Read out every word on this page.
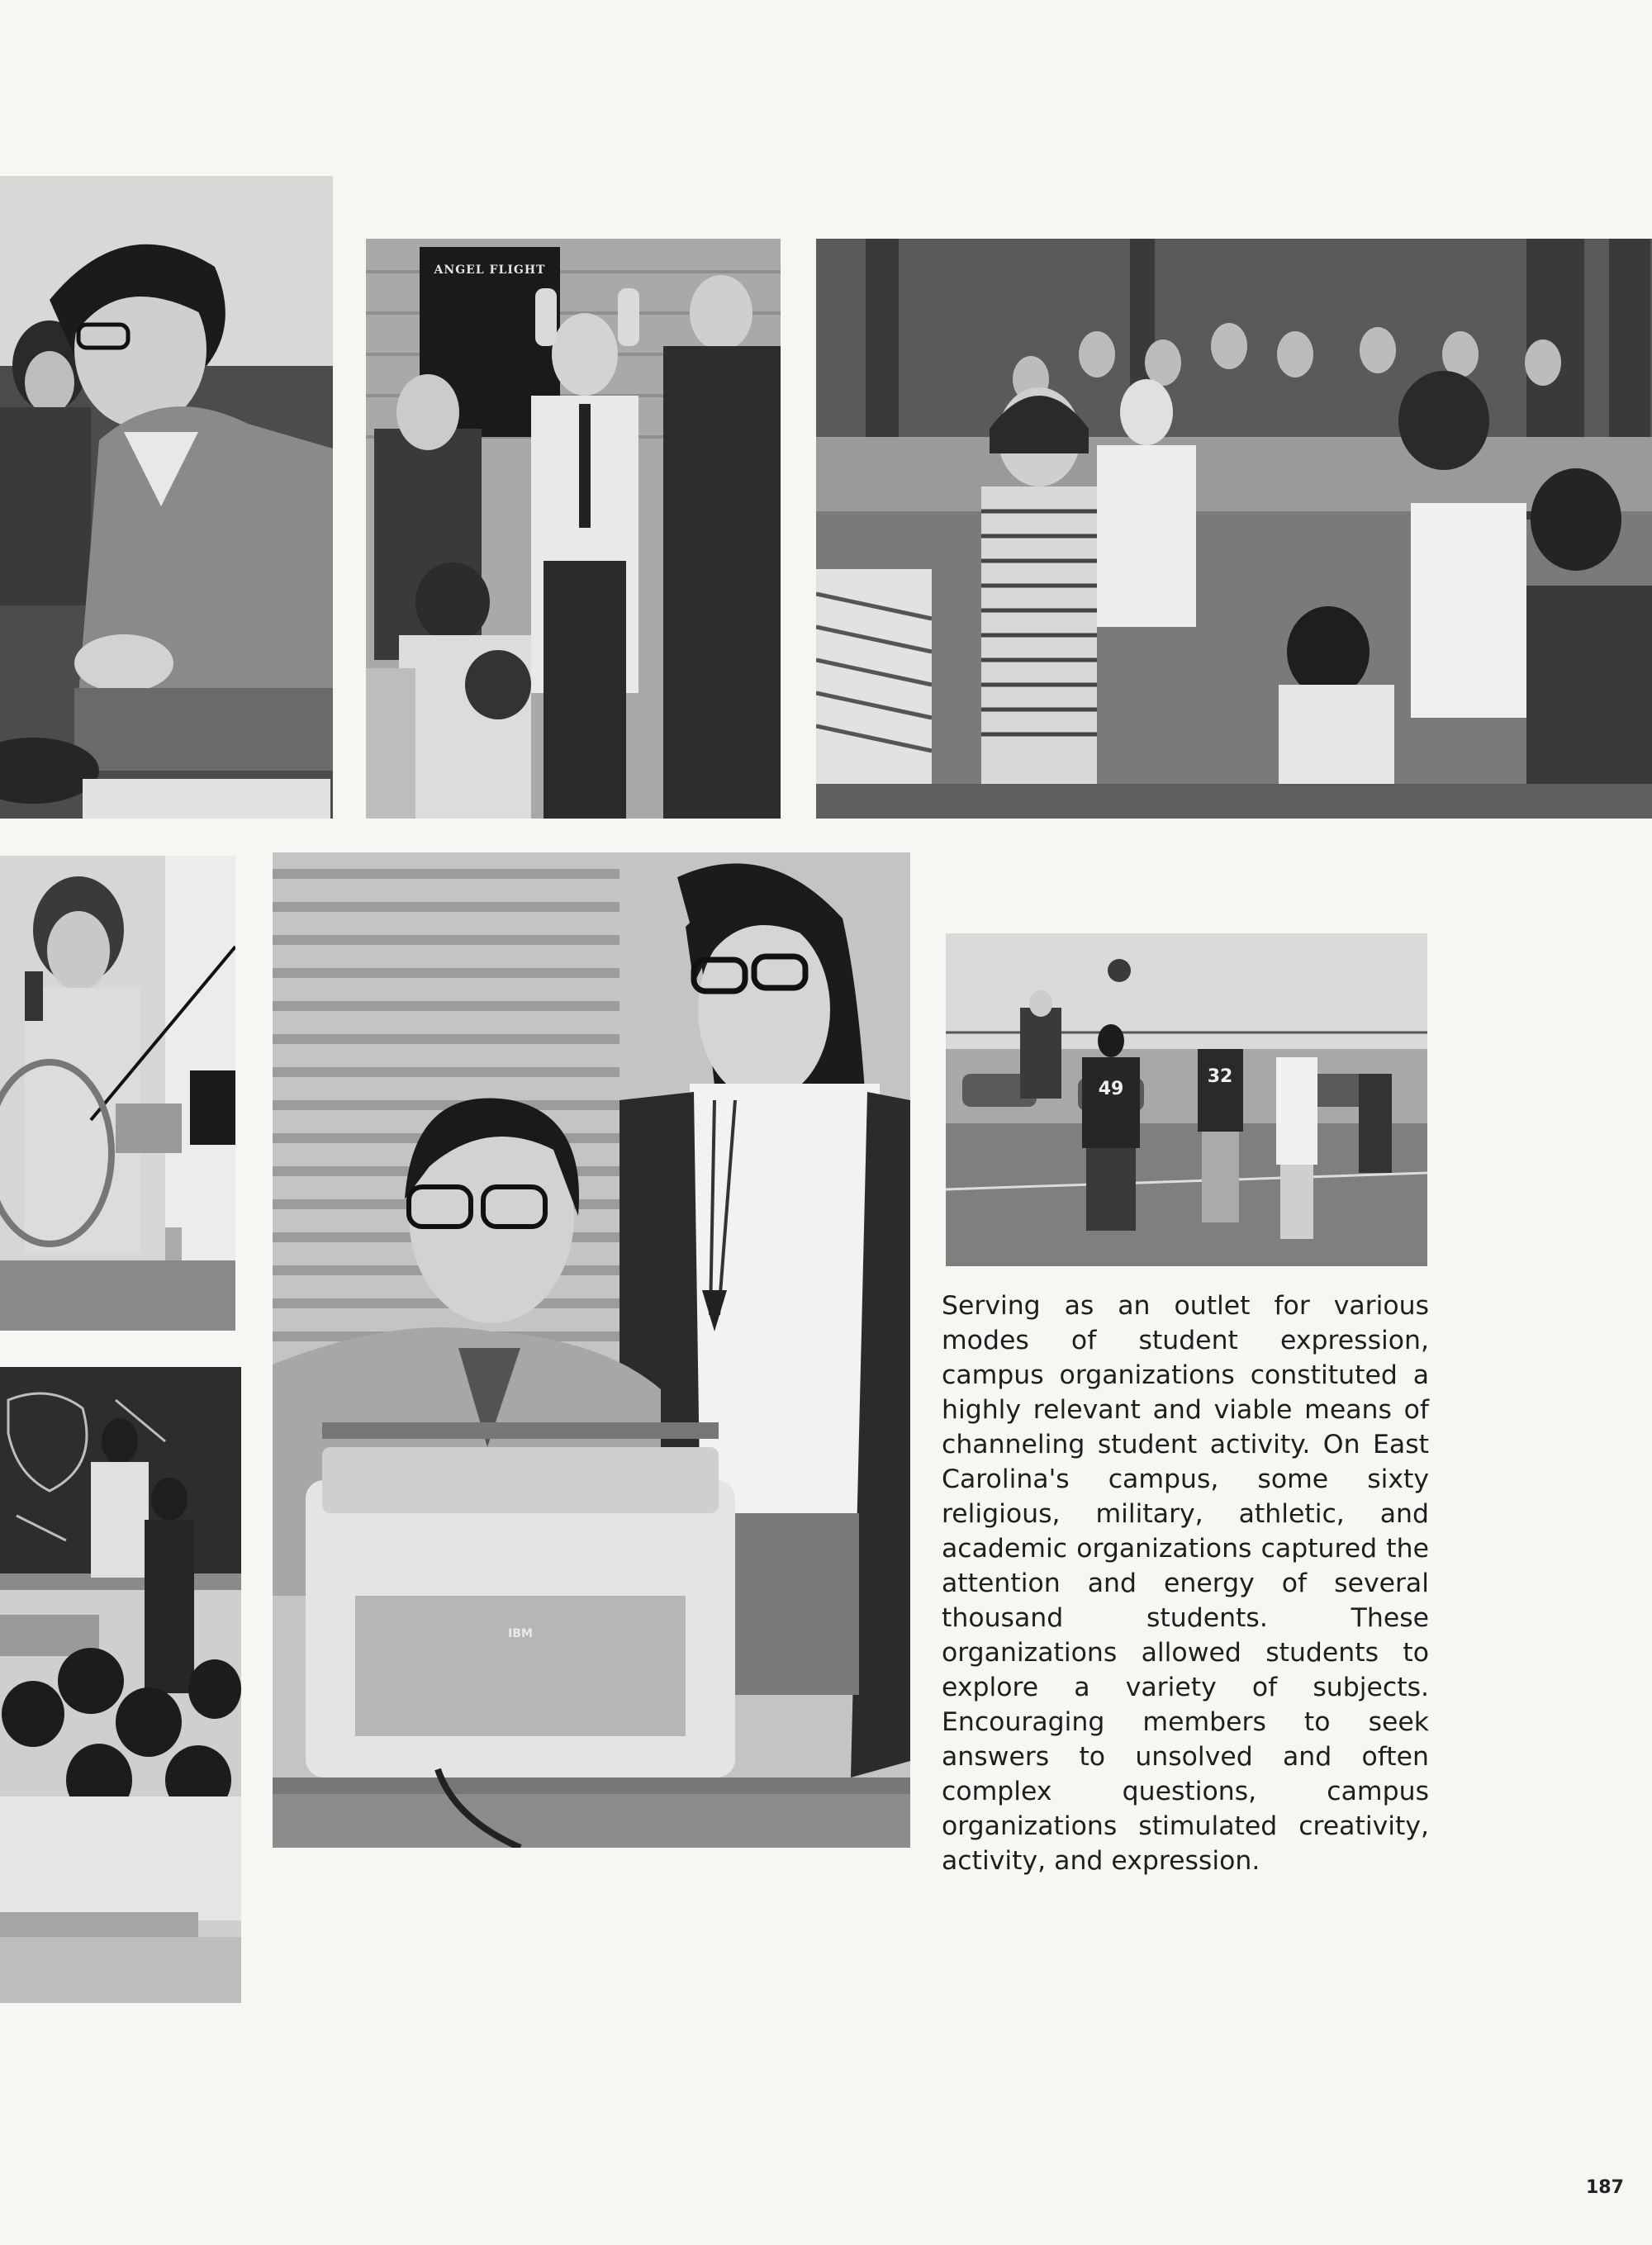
ANGEL FLIGHT
IBM
49
32

Serving as an outlet for various modes of student expression, campus organizations constituted a highly relevant and viable means of channeling student activity. On East Carolina's campus, some sixty religious, military, athletic, and academic organizations captured the attention and energy of several thousand students. These organizations allowed students to explore a variety of subjects. Encouraging members to seek answers to unsolved and often complex questions, campus organizations stimulated creativity, activity, and expression.

187
